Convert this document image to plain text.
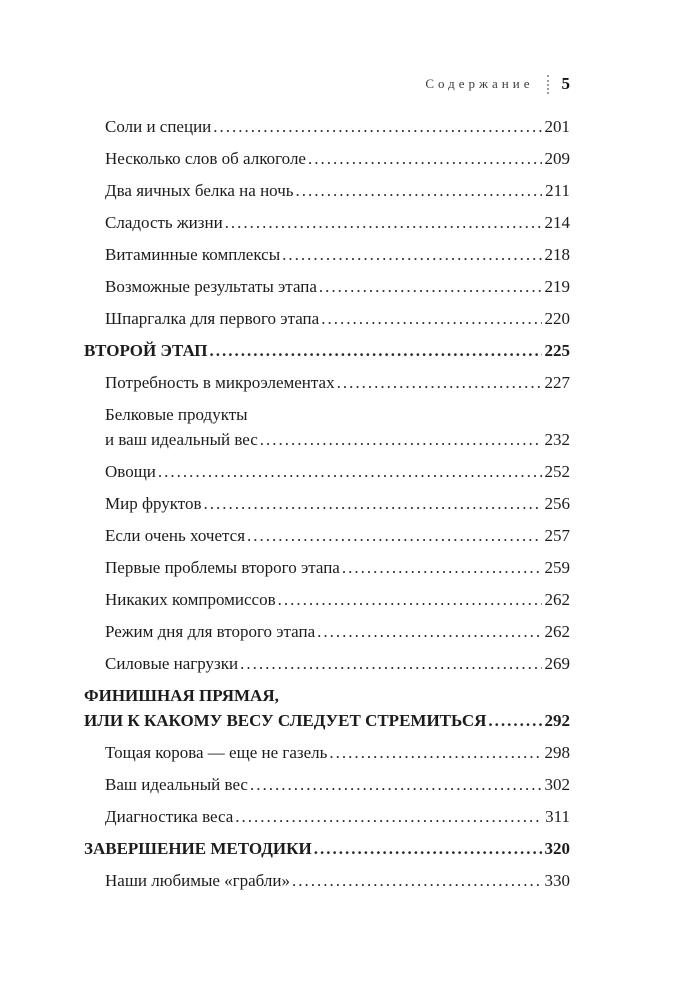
Содержание 5
Соли и специи .....	201
Несколько слов об алкоголе .....	209
Два яичных белка на ночь .....	211
Сладость жизни .....	214
Витаминные комплексы .....	218
Возможные результаты этапа .....	219
Шпаргалка для первого этапа .....	220
ВТОРОЙ ЭТАП .....	225
Потребность в микроэлементах .....	227
Белковые продукты
и ваш идеальный вес .....	232
Овощи .....	252
Мир фруктов .....	256
Если очень хочется .....	257
Первые проблемы второго этапа .....	259
Никаких компромиссов .....	262
Режим дня для второго этапа .....	262
Силовые нагрузки .....	269
ФИНИШНАЯ ПРЯМАЯ,
ИЛИ К КАКОМУ ВЕСУ СЛЕДУЕТ СТРЕМИТЬСЯ .....	292
Тощая корова — еще не газель .....	298
Ваш идеальный вес .....	302
Диагностика веса .....	311
ЗАВЕРШЕНИЕ МЕТОДИКИ .....	320
Наши любимые «грабли» .....	330
